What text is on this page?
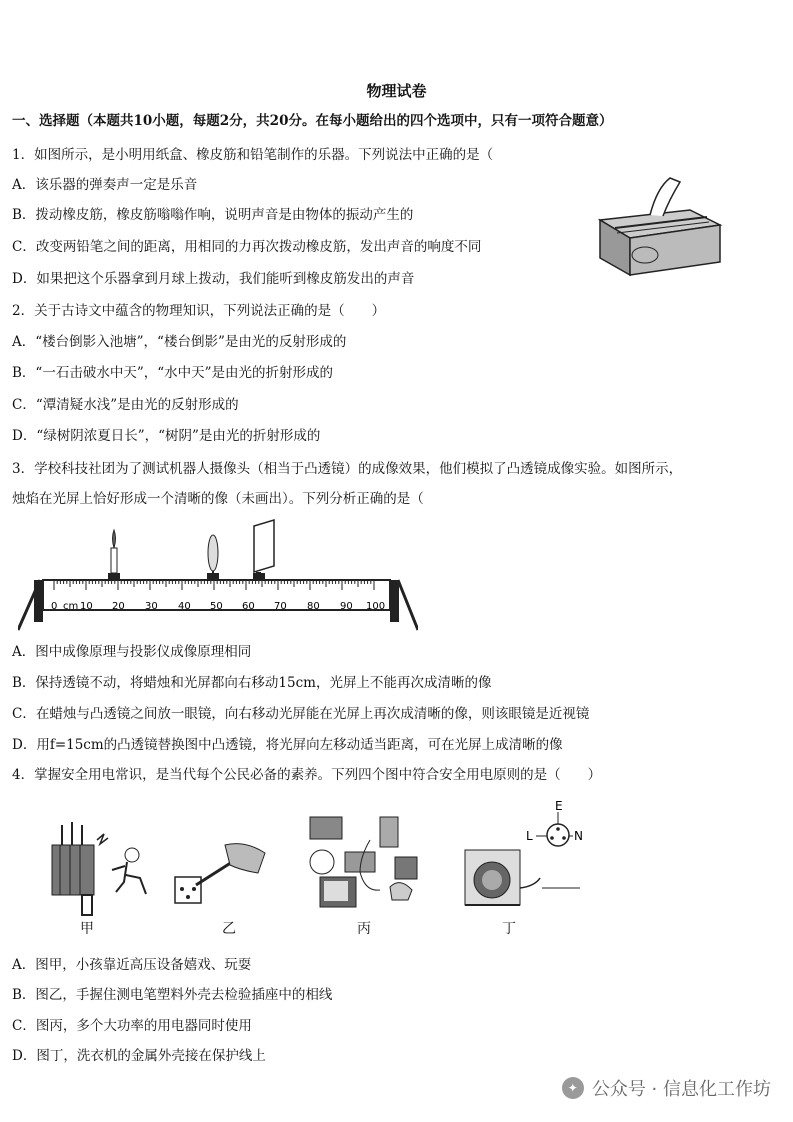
物理试卷
一、选择题（本题共10小题，每题2分，共20分。在每小题给出的四个选项中，只有一项符合题意）
1．如图所示，是小明用纸盒、橡皮筋和铅笔制作的乐器。下列说法中正确的是（
A．该乐器的弹奏声一定是乐音
B．拨动橡皮筋，橡皮筋嗡嗡作响，说明声音是由物体的振动产生的
C．改变两铅笔之间的距离，用相同的力再次拨动橡皮筋，发出声音的响度不同
D．如果把这个乐器拿到月球上拨动，我们能听到橡皮筋发出的声音
2．关于古诗文中蕴含的物理知识，下列说法正确的是（　　）
A．“楼台倒影入池塘”，“楼台倒影”是由光的反射形成的
B．“一石击破水中天”，“水中天”是由光的折射形成的
C．“潭清疑水浅”是由光的反射形成的
D．“绿树阴浓夏日长”，“树阴”是由光的折射形成的
3．学校科技社团为了测试机器人摄像头（相当于凸透镜）的成像效果，他们模拟了凸透镜成像实验。如图所示，
烛焰在光屏上恰好形成一个清晰的像（未画出）。下列分析正确的是（
0 cm 10 20 30 40 50 60 70 80 90 100
A．图中成像原理与投影仪成像原理相同
B．保持透镜不动，将蜡烛和光屏都向右移动15cm，光屏上不能再次成清晰的像
C．在蜡烛与凸透镜之间放一眼镜，向右移动光屏能在光屏上再次成清晰的像，则该眼镜是近视镜
D．用f=15cm的凸透镜替换图中凸透镜，将光屏向左移动适当距离，可在光屏上成清晰的像
4．掌握安全用电常识，是当代每个公民必备的素养。下列四个图中符合安全用电原则的是（　　）
甲	乙	丙
E
L	N
丁
A．图甲，小孩靠近高压设备嬉戏、玩耍
B．图乙，手握住测电笔塑料外壳去检验插座中的相线
C．图丙，多个大功率的用电器同时使用
D．图丁，洗衣机的金属外壳接在保护线上
✦ 公众号 · 信息化工作坊
